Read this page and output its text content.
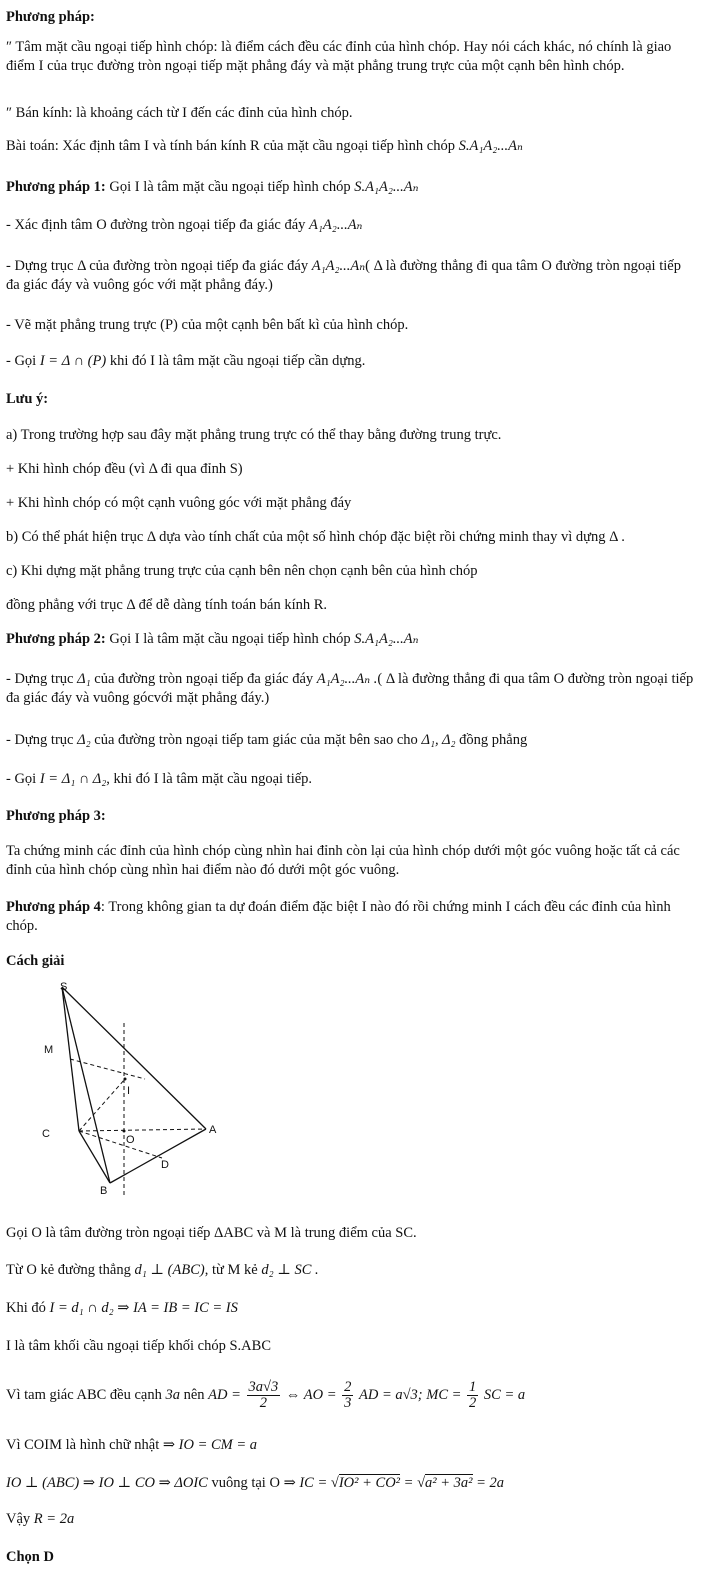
Phương pháp:
″ Tâm mặt cầu ngoại tiếp hình chóp: là điểm cách đều các đỉnh của hình chóp. Hay nói cách khác, nó chính là giao điểm I của trục đường tròn ngoại tiếp mặt phẳng đáy và mặt phẳng trung trực của một cạnh bên hình chóp.
″ Bán kính: là khoảng cách từ I đến các đỉnh của hình chóp.
Bài toán: Xác định tâm I và tính bán kính R của mặt cầu ngoại tiếp hình chóp S.A₁A₂...Aₙ
Phương pháp 1: Gọi I là tâm mặt cầu ngoại tiếp hình chóp S.A₁A₂...Aₙ
- Xác định tâm O đường tròn ngoại tiếp đa giác đáy A₁A₂...Aₙ
- Dựng trục Δ của đường tròn ngoại tiếp đa giác đáy A₁A₂...Aₙ( Δ là đường thẳng đi qua tâm O đường tròn ngoại tiếp đa giác đáy và vuông góc với mặt phẳng đáy.)
- Vẽ mặt phẳng trung trực (P) của một cạnh bên bất kì của hình chóp.
- Gọi I = Δ ∩ (P) khi đó I là tâm mặt cầu ngoại tiếp cần dựng.
Lưu ý:
a) Trong trường hợp sau đây mặt phẳng trung trực có thể thay bằng đường trung trực.
+ Khi hình chóp đều (vì Δ đi qua đỉnh S)
+ Khi hình chóp có một cạnh vuông góc với mặt phẳng đáy
b) Có thể phát hiện trục Δ dựa vào tính chất của một số hình chóp đặc biệt rồi chứng minh thay vì dựng Δ .
c) Khi dựng mặt phẳng trung trực của cạnh bên nên chọn cạnh bên của hình chóp
đồng phẳng với trục Δ để dễ dàng tính toán bán kính R.
Phương pháp 2: Gọi I là tâm mặt cầu ngoại tiếp hình chóp S.A₁A₂...Aₙ
- Dựng trục Δ₁ của đường tròn ngoại tiếp đa giác đáy A₁A₂...Aₙ .( Δ là đường thẳng đi qua tâm O đường tròn ngoại tiếp đa giác đáy và vuông gócvới mặt phẳng đáy.)
- Dựng trục Δ₂ của đường tròn ngoại tiếp tam giác của mặt bên sao cho Δ₁, Δ₂ đồng phẳng
- Gọi I = Δ₁ ∩ Δ₂, khi đó I là tâm mặt cầu ngoại tiếp.
Phương pháp 3:
Ta chứng minh các đỉnh của hình chóp cùng nhìn hai đỉnh còn lại của hình chóp dưới một góc vuông hoặc tất cả các đỉnh của hình chóp cùng nhìn hai điểm nào đó dưới một góc vuông.
Phương pháp 4: Trong không gian ta dự đoán điểm đặc biệt I nào đó rồi chứng minh I cách đều các đỉnh của hình chóp.
Cách giải
S
M
I
C	O
A
D
B
Gọi O là tâm đường tròn ngoại tiếp ΔABC và M là trung điểm của SC.
Từ O kẻ đường thẳng d₁ ⊥ (ABC), từ M kẻ d₂ ⊥ SC .
Khi đó I = d₁ ∩ d₂ ⇒ IA = IB = IC = IS
I là tâm khối cầu ngoại tiếp khối chóp S.ABC
Vì tam giác ABC đều cạnh 3a nên AD = $\frac{3a√3}{2}$ ⇔ AO = $\frac{2}{3}$ AD = a√3; MC = $\frac{1}{2}$ SC = a
Vì COIM là hình chữ nhật ⇒ IO = CM = a
IO ⊥ (ABC) ⇒ IO ⊥ CO ⇒ ΔOIC vuông tại O ⇒ IC = √IO² + CO² = √a² + 3a² = 2a
Vậy R = 2a
Chọn D
